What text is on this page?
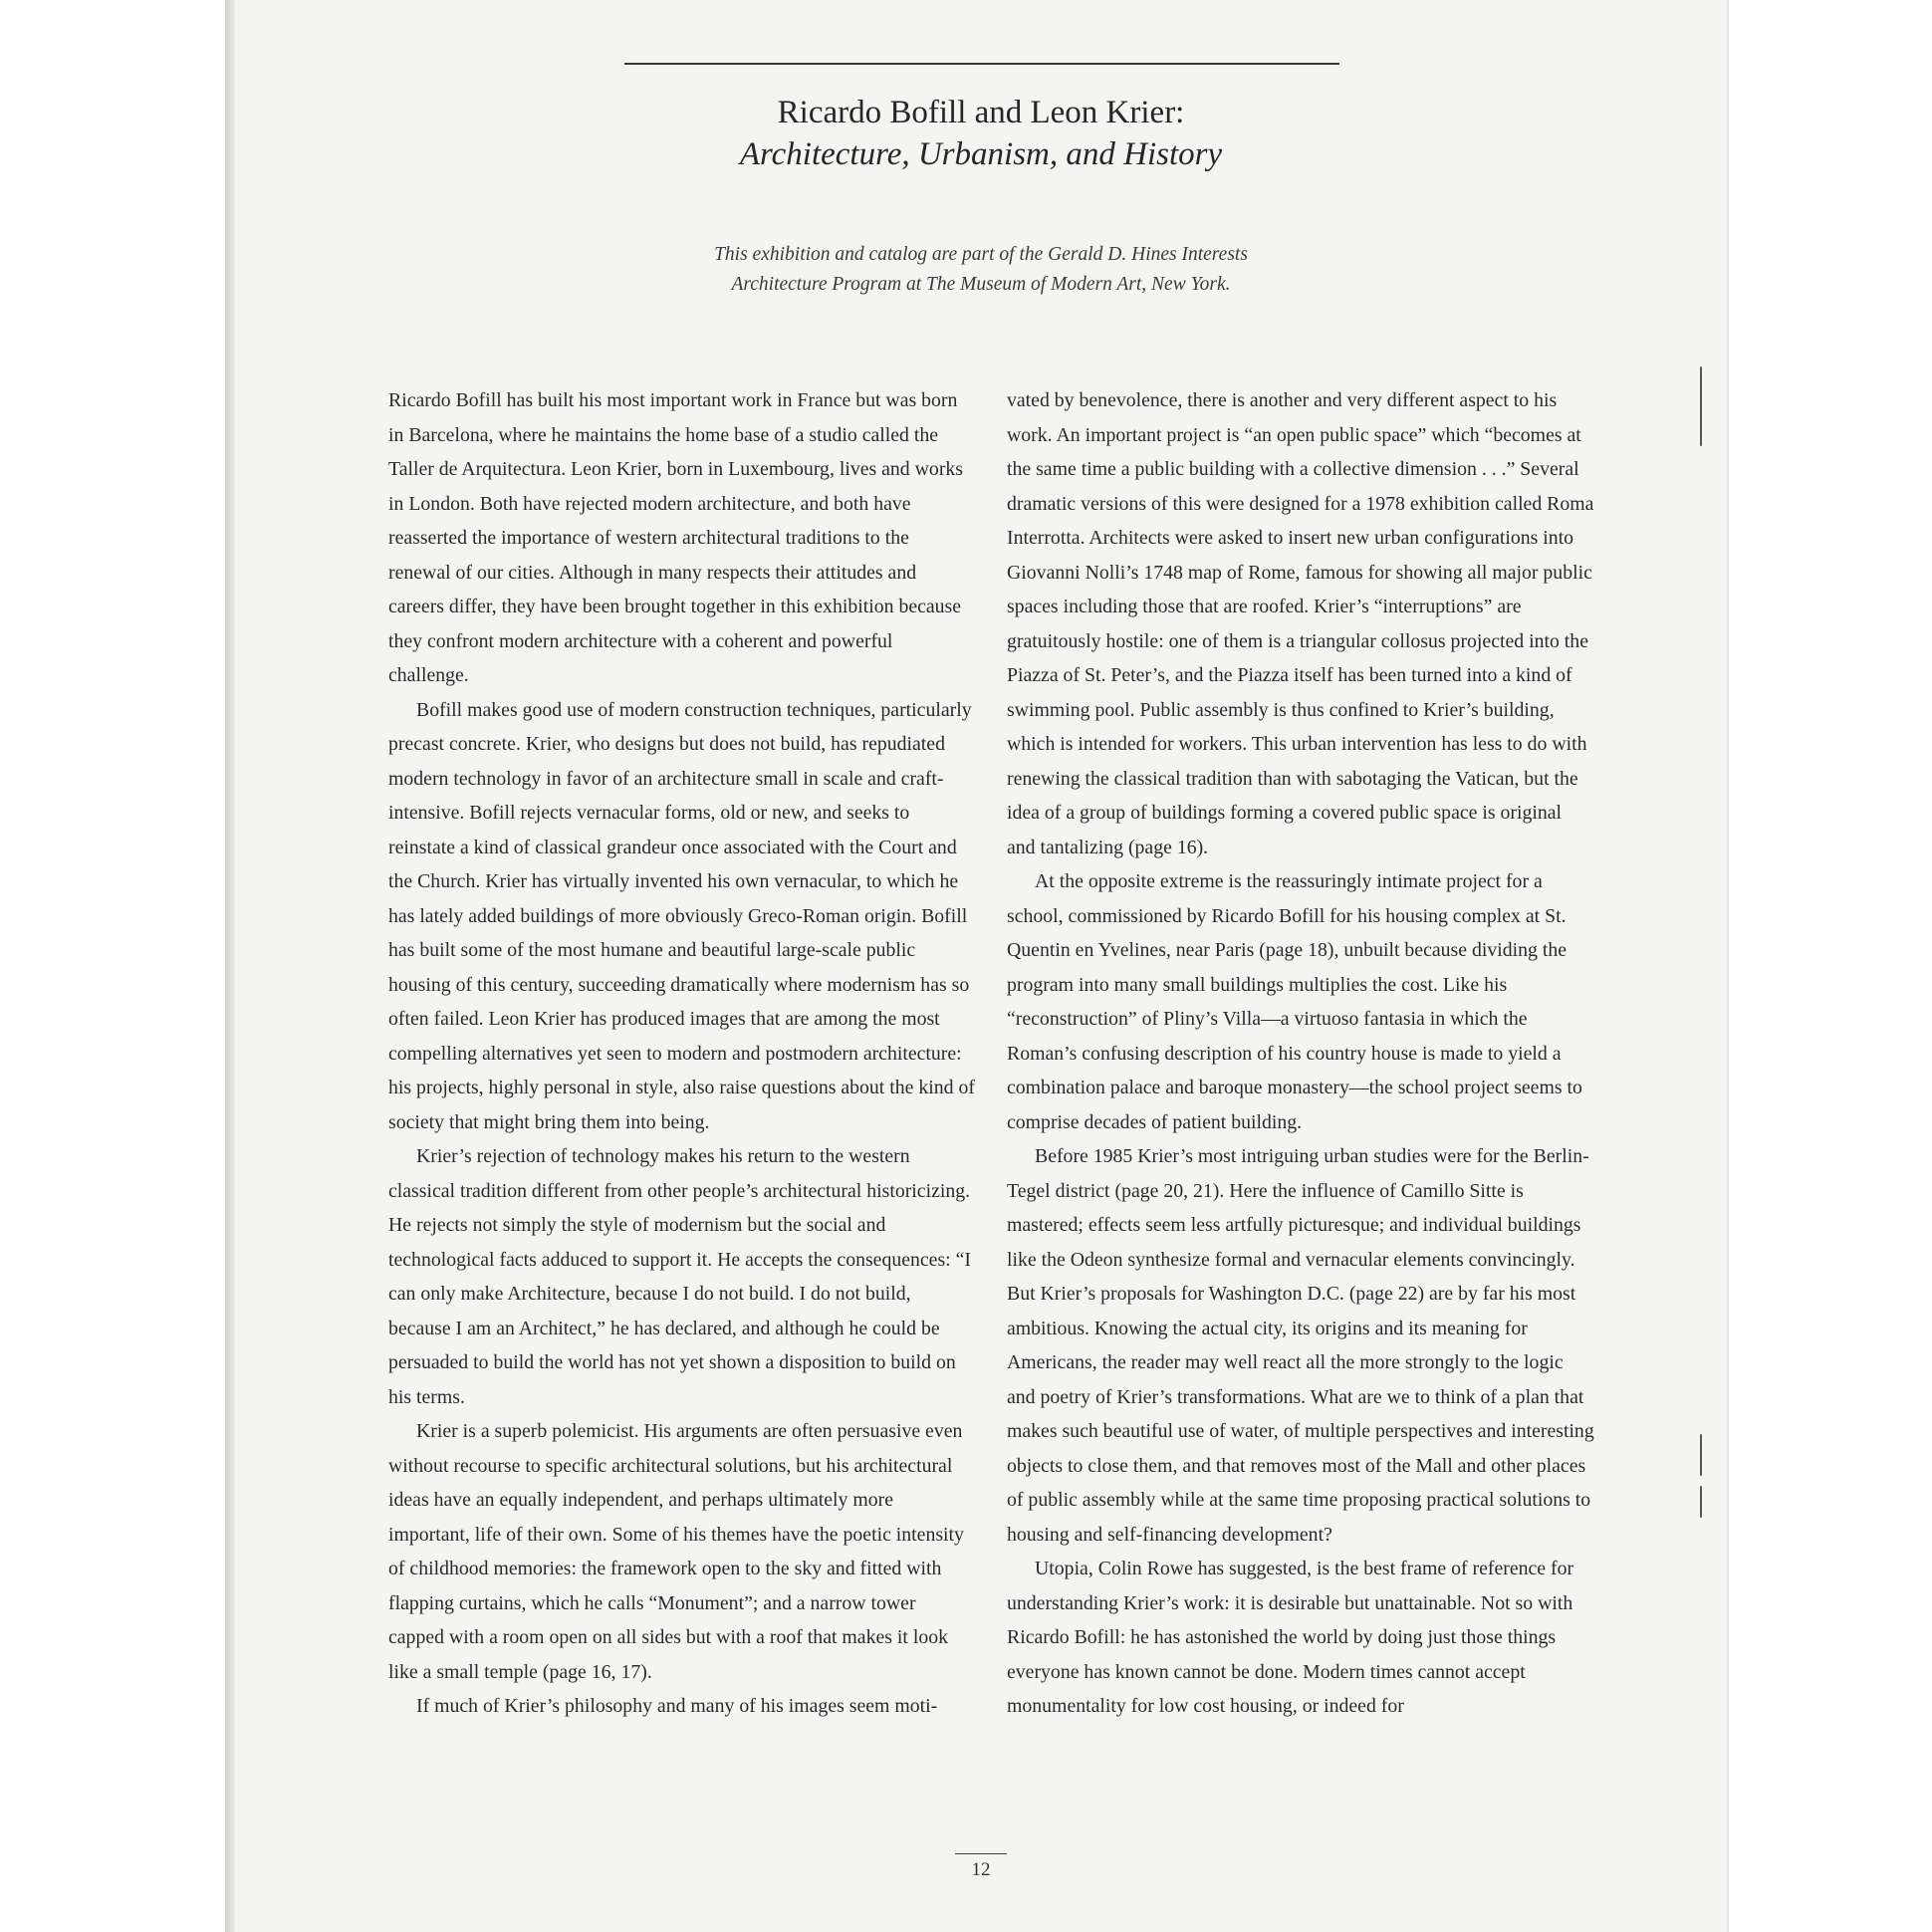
Ricardo Bofill and Leon Krier:
Architecture, Urbanism, and History
This exhibition and catalog are part of the Gerald D. Hines Interests
Architecture Program at The Museum of Modern Art, New York.

Ricardo Bofill has built his most important work in France but was born in Barcelona, where he maintains the home base of a studio called the Taller de Arquitectura. Leon Krier, born in Luxembourg, lives and works in London. Both have rejected modern architecture, and both have reasserted the importance of western architectural traditions to the renewal of our cities. Although in many respects their attitudes and careers differ, they have been brought together in this exhibition because they confront modern architecture with a coherent and powerful challenge.

Bofill makes good use of modern construction techniques, particularly precast concrete. Krier, who designs but does not build, has repudiated modern technology in favor of an architecture small in scale and craft-intensive. Bofill rejects vernacular forms, old or new, and seeks to reinstate a kind of classical grandeur once associated with the Court and the Church. Krier has virtually invented his own vernacular, to which he has lately added buildings of more obviously Greco-Roman origin. Bofill has built some of the most humane and beautiful large-scale public housing of this century, succeeding dramatically where modernism has so often failed. Leon Krier has produced images that are among the most compelling alternatives yet seen to modern and postmodern architecture: his projects, highly personal in style, also raise questions about the kind of society that might bring them into being.

Krier’s rejection of technology makes his return to the western classical tradition different from other people’s architectural historicizing. He rejects not simply the style of modernism but the social and technological facts adduced to support it. He accepts the consequences: “I can only make Architecture, because I do not build. I do not build, because I am an Architect,” he has declared, and although he could be persuaded to build the world has not yet shown a disposition to build on his terms.

Krier is a superb polemicist. His arguments are often persuasive even without recourse to specific architectural solutions, but his architectural ideas have an equally independent, and perhaps ultimately more important, life of their own. Some of his themes have the poetic intensity of childhood memories: the framework open to the sky and fitted with flapping curtains, which he calls “Monument”; and a narrow tower capped with a room open on all sides but with a roof that makes it look like a small temple (page 16, 17).

If much of Krier’s philosophy and many of his images seem moti-

vated by benevolence, there is another and very different aspect to his work. An important project is “an open public space” which “becomes at the same time a public building with a collective dimension . . .” Several dramatic versions of this were designed for a 1978 exhibition called Roma Interrotta. Architects were asked to insert new urban configurations into Giovanni Nolli’s 1748 map of Rome, famous for showing all major public spaces including those that are roofed. Krier’s “interruptions” are gratuitously hostile: one of them is a triangular collosus projected into the Piazza of St. Peter’s, and the Piazza itself has been turned into a kind of swimming pool. Public assembly is thus confined to Krier’s building, which is intended for workers. This urban intervention has less to do with renewing the classical tradition than with sabotaging the Vatican, but the idea of a group of buildings forming a covered public space is original and tantalizing (page 16).

At the opposite extreme is the reassuringly intimate project for a school, commissioned by Ricardo Bofill for his housing complex at St. Quentin en Yvelines, near Paris (page 18), unbuilt because dividing the program into many small buildings multiplies the cost. Like his “reconstruction” of Pliny’s Villa—a virtuoso fantasia in which the Roman’s confusing description of his country house is made to yield a combination palace and baroque monastery—the school project seems to comprise decades of patient building.

Before 1985 Krier’s most intriguing urban studies were for the Berlin-Tegel district (page 20, 21). Here the influence of Camillo Sitte is mastered; effects seem less artfully picturesque; and individual buildings like the Odeon synthesize formal and vernacular elements convincingly. But Krier’s proposals for Washington D.C. (page 22) are by far his most ambitious. Knowing the actual city, its origins and its meaning for Americans, the reader may well react all the more strongly to the logic and poetry of Krier’s transformations. What are we to think of a plan that makes such beautiful use of water, of multiple perspectives and interesting objects to close them, and that removes most of the Mall and other places of public assembly while at the same time proposing practical solutions to housing and self-financing development?

Utopia, Colin Rowe has suggested, is the best frame of reference for understanding Krier’s work: it is desirable but unattainable. Not so with Ricardo Bofill: he has astonished the world by doing just those things everyone has known cannot be done. Modern times cannot accept monumentality for low cost housing, or indeed for

12
